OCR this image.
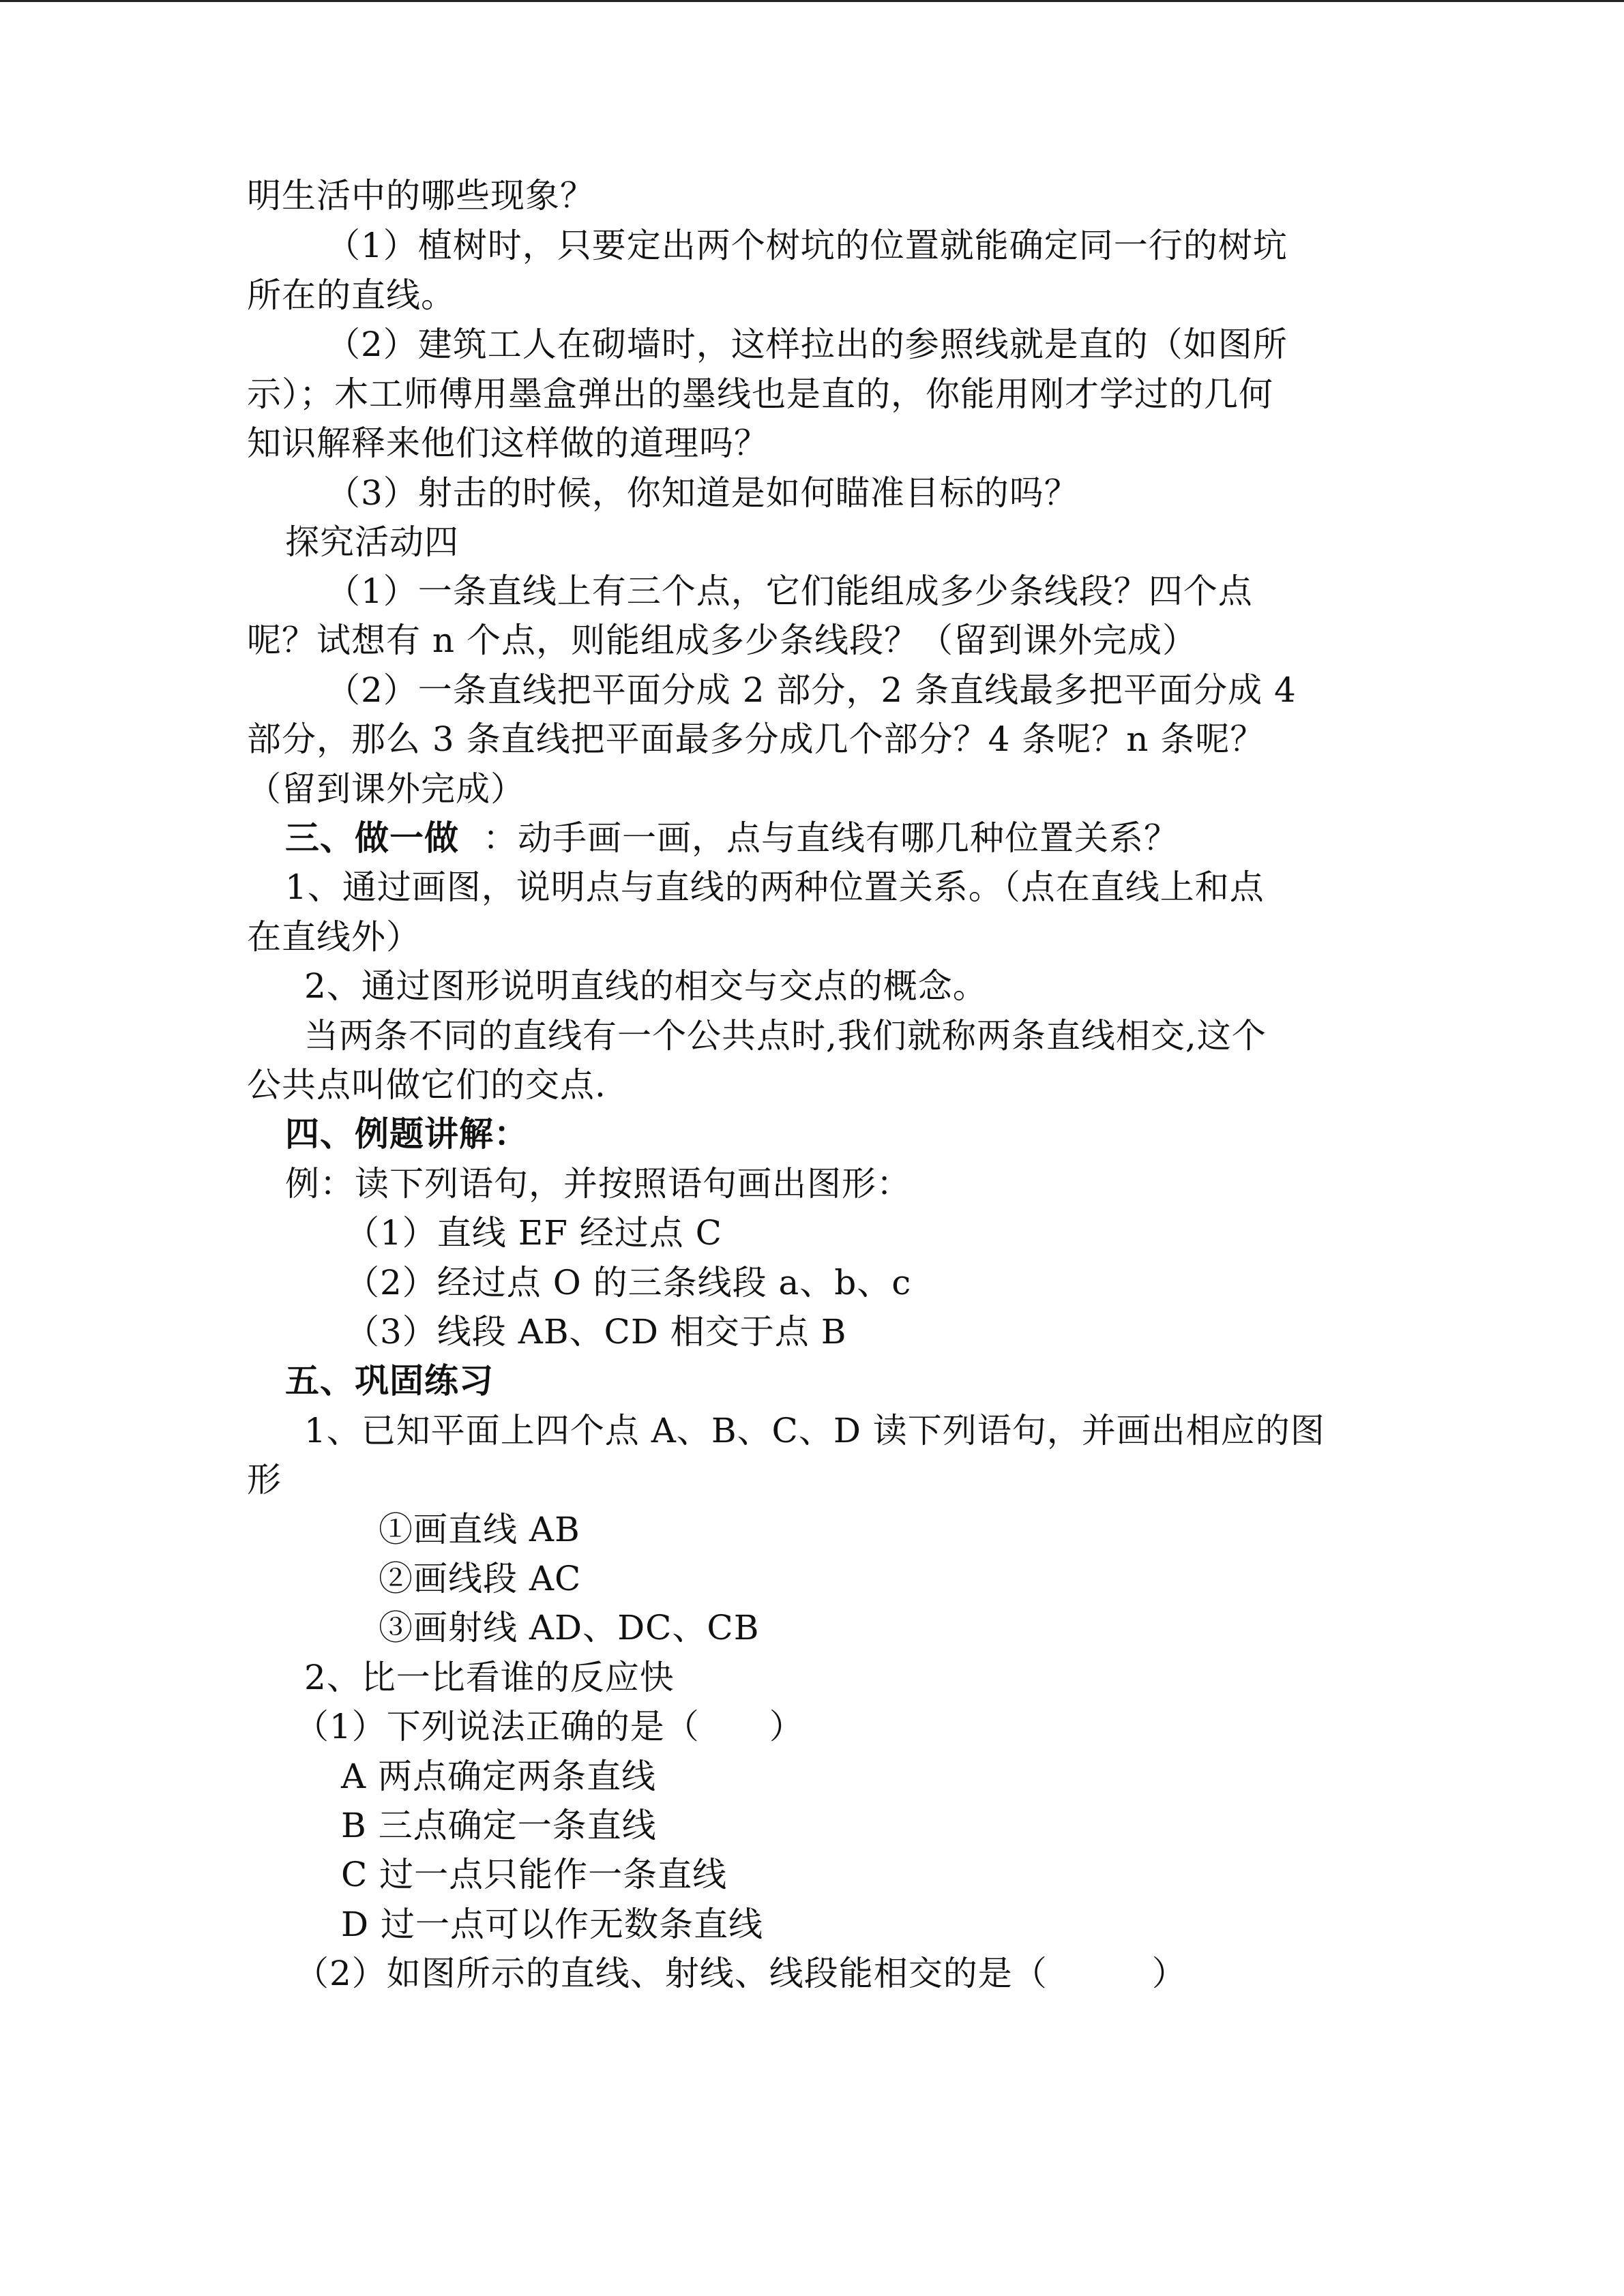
明生活中的哪些现象？
（1）植树时，只要定出两个树坑的位置就能确定同一行的树坑
所在的直线。
（2）建筑工人在砌墙时，这样拉出的参照线就是直的（如图所
示）；木工师傅用墨盒弹出的墨线也是直的，你能用刚才学过的几何
知识解释来他们这样做的道理吗？
（3）射击的时候，你知道是如何瞄准目标的吗？
探究活动四
（1）一条直线上有三个点，它们能组成多少条线段？四个点
呢？试想有 n 个点，则能组成多少条线段？（留到课外完成）
（2）一条直线把平面分成 2 部分，2 条直线最多把平面分成 4
部分，那么 3 条直线把平面最多分成几个部分？4 条呢？n 条呢？
（留到课外完成）
三、做一做 ：动手画一画，点与直线有哪几种位置关系？
1、通过画图，说明点与直线的两种位置关系。（点在直线上和点
在直线外）
2、通过图形说明直线的相交与交点的概念。
当两条不同的直线有一个公共点时,我们就称两条直线相交,这个
公共点叫做它们的交点.
四、例题讲解：
例：读下列语句，并按照语句画出图形：
（1）直线 EF 经过点 C
（2）经过点 O 的三条线段 a、b、c
（3）线段 AB、CD 相交于点 B
五、巩固练习
1、已知平面上四个点 A、B、C、D 读下列语句，并画出相应的图
形
①画直线 AB
②画线段 AC
③画射线 AD、DC、CB
2、比一比看谁的反应快
（1）下列说法正确的是（　　）
A 两点确定两条直线
B 三点确定一条直线
C 过一点只能作一条直线
D 过一点可以作无数条直线
（2）如图所示的直线、射线、线段能相交的是（　　　）
